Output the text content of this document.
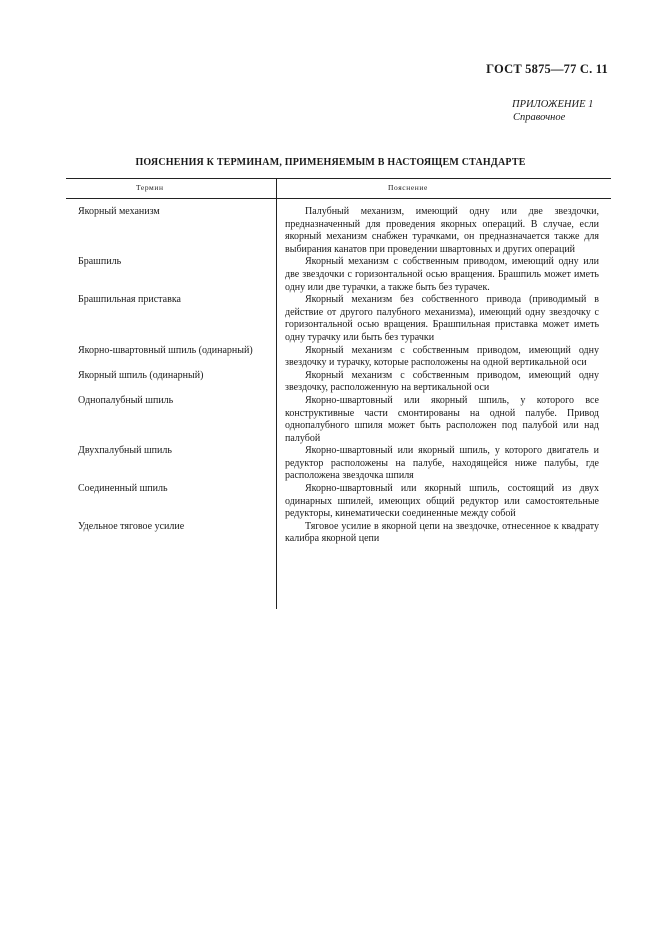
ГОСТ 5875—77 С. 11
ПРИЛОЖЕНИЕ 1
Справочное
ПОЯСНЕНИЯ К ТЕРМИНАМ, ПРИМЕНЯЕМЫМ В НАСТОЯЩЕМ СТАНДАРТЕ
Термин	Пояснение
Якорный механизм	Палубный механизм, имеющий одну или две звездочки, предназначенный для проведения якорных операций. В случае, если якорный механизм снабжен турачками, он предназначается также для выбирания канатов при проведении швартовных и других операций
Брашпиль	Якорный механизм с собственным приводом, имеющий одну или две звездочки с горизонтальной осью вращения. Брашпиль может иметь одну или две турачки, а также быть без турачек.
Брашпильная приставка	Якорный механизм без собственного привода (приводимый в действие от другого палубного механизма), имеющий одну звездочку с горизонтальной осью вращения. Брашпильная приставка может иметь одну турачку или быть без турачки
Якорно-швартовный шпиль (одинарный)	Якорный механизм с собственным приводом, имеющий одну звездочку и турачку, которые расположены на одной вертикальной оси
Якорный шпиль (одинарный)	Якорный механизм с собственным приводом, имеющий одну звездочку, расположенную на вертикальной оси
Однопалубный шпиль	Якорно-швартовный или якорный шпиль, у которого все конструктивные части смонтированы на одной палубе. Привод однопалубного шпиля может быть расположен под палубой или над палубой
Двухпалубный шпиль	Якорно-швартовный или якорный шпиль, у которого двигатель и редуктор расположены на палубе, находящейся ниже палубы, где расположена звездочка шпиля
Соединенный шпиль	Якорно-швартовный или якорный шпиль, состоящий из двух одинарных шпилей, имеющих общий редуктор или самостоятельные редукторы, кинематически соединенные между собой
Удельное тяговое усилие	Тяговое усилие в якорной цепи на звездочке, отнесенное к квадрату калибра якорной цепи
